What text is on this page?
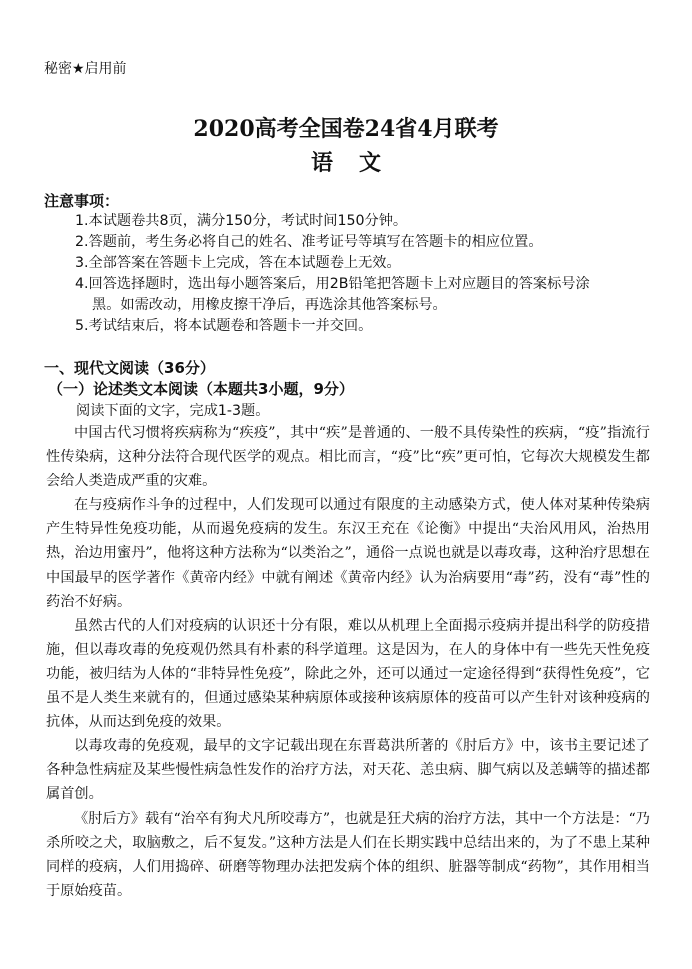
秘密★启用前
2020高考全国卷24省4月联考
语文
注意事项：
1.本试题卷共8页，满分150分，考试时间150分钟。
2.答题前，考生务必将自己的姓名、准考证号等填写在答题卡的相应位置。
3.全部答案在答题卡上完成，答在本试题卷上无效。
4.回答选择题时，选出每小题答案后，用2B铅笔把答题卡上对应题目的答案标号涂
黑。如需改动，用橡皮擦干净后，再选涂其他答案标号。
5.考试结束后，将本试题卷和答题卡一并交回。
一、现代文阅读（36分）
（一）论述类文本阅读（本题共3小题，9分）
阅读下面的文字，完成1-3题。

中国古代习惯将疾病称为“疾疫”，其中“疾”是普通的、一般不具传染性的疾病，“疫”指流行性传染病，这种分法符合现代医学的观点。相比而言，“疫”比“疾”更可怕，它每次大规模发生都会给人类造成严重的灾难。

在与疫病作斗争的过程中，人们发现可以通过有限度的主动感染方式，使人体对某种传染病产生特异性免疫功能，从而遏免疫病的发生。东汉王充在《论衡》中提出“夫治风用风，治热用热，治边用蜜丹”，他将这种方法称为“以类治之”，通俗一点说也就是以毒攻毒，这种治疗思想在中国最早的医学著作《黄帝内经》中就有阐述《黄帝内经》认为治病要用“毒”药，没有“毒”性的药治不好病。

虽然古代的人们对疫病的认识还十分有限，难以从机理上全面揭示疫病并提出科学的防疫措施，但以毒攻毒的免疫观仍然具有朴素的科学道理。这是因为，在人的身体中有一些先天性免疫功能，被归结为人体的“非特异性免疫”，除此之外，还可以通过一定途径得到“获得性免疫”，它虽不是人类生来就有的，但通过感染某种病原体或接种该病原体的疫苗可以产生针对该种疫病的抗体，从而达到免疫的效果。

以毒攻毒的免疫观，最早的文字记载出现在东晋葛洪所著的《肘后方》中，该书主要记述了各种急性病症及某些慢性病急性发作的治疗方法，对天花、恙虫病、脚气病以及恙螨等的描述都属首创。

《肘后方》载有“治卒有狗犬凡所咬毒方”，也就是狂犬病的治疗方法，其中一个方法是：“乃杀所咬之犬，取脑敷之，后不复发。”这种方法是人们在长期实践中总结出来的，为了不患上某种同样的疫病，人们用捣碎、研磨等物理办法把发病个体的组织、脏器等制成“药物”，其作用相当于原始疫苗。
